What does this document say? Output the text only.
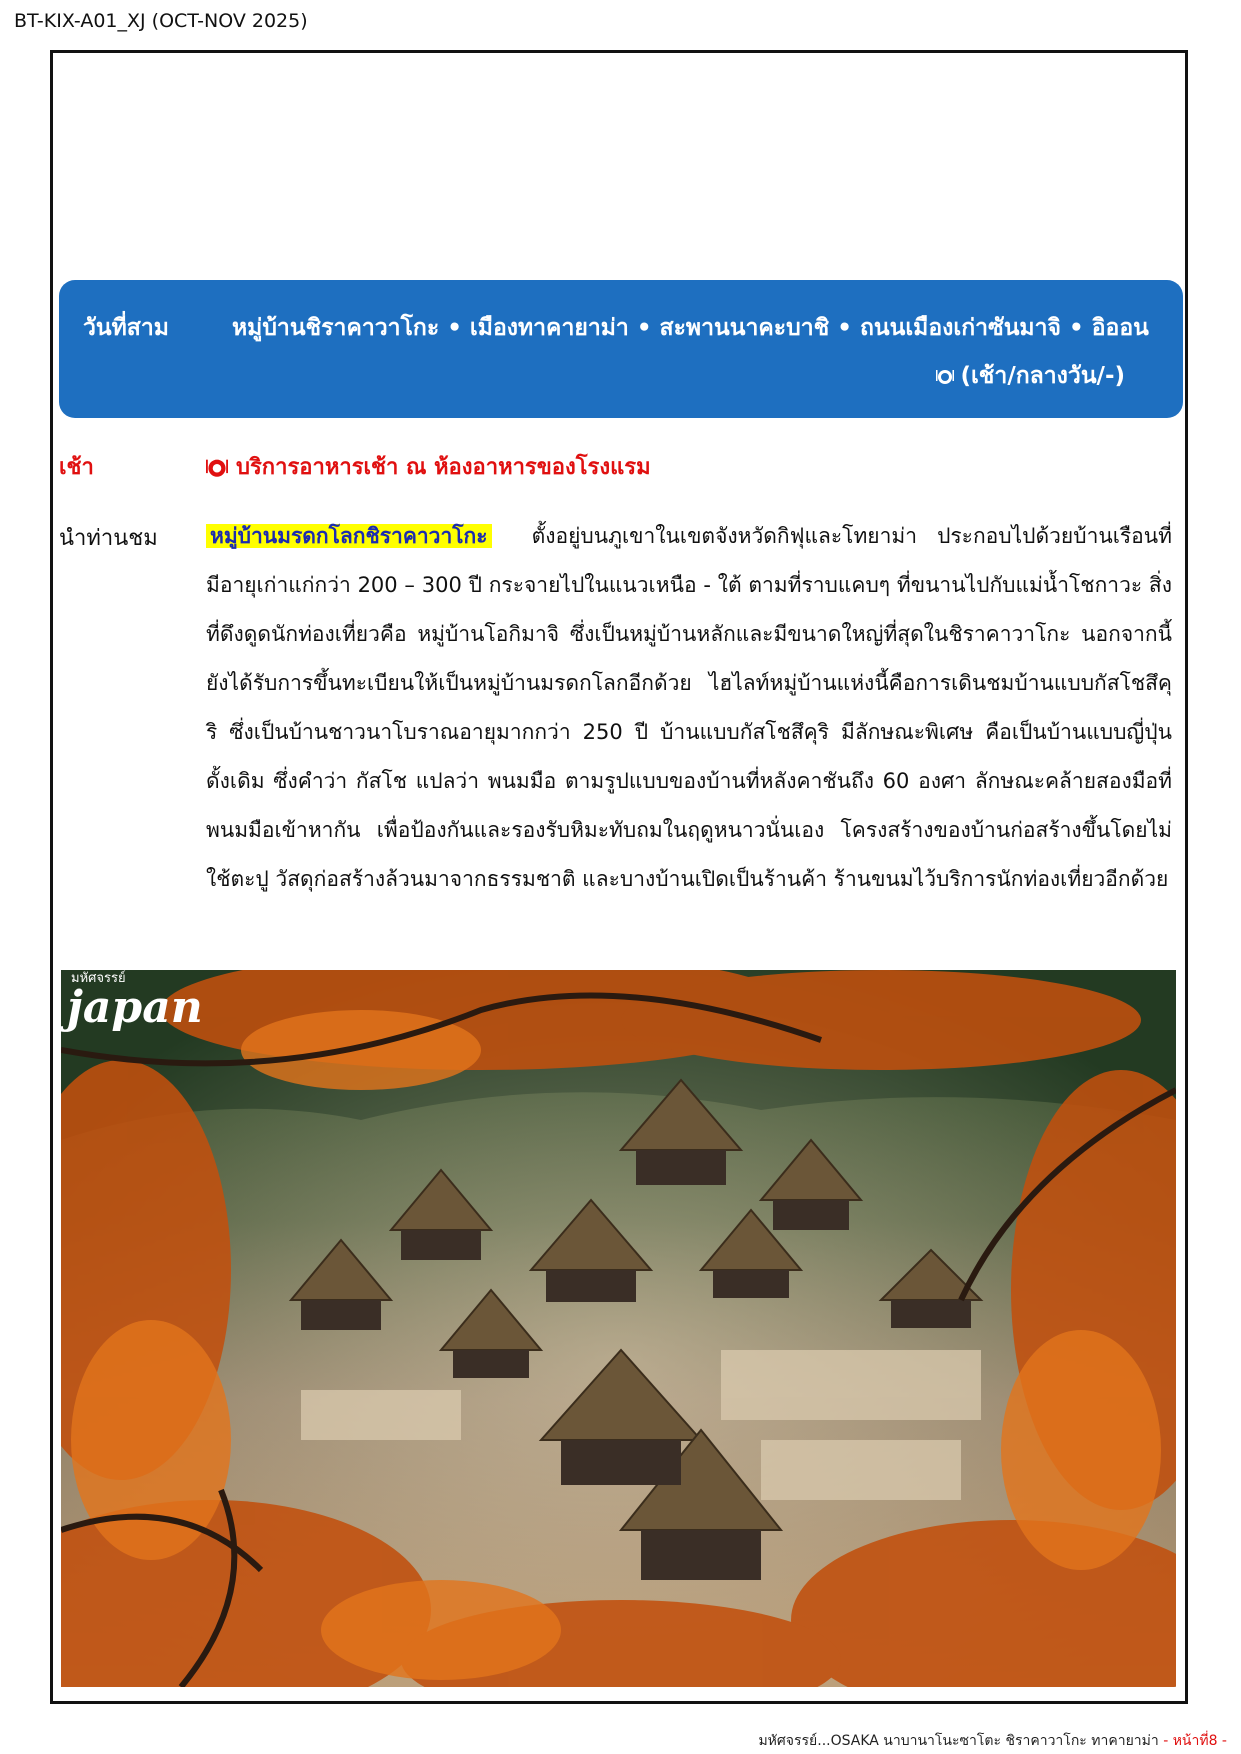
BT-KIX-A01_XJ (OCT-NOV 2025)
วันที่สาม	หมู่บ้านชิราคาวาโกะ • เมืองทาคายาม่า • สะพานนาคะบาชิ • ถนนเมืองเก่าซันมาจิ • อิออน
(เช้า/กลางวัน/-)
เช้า	บริการอาหารเช้า ณ ห้องอาหารของโรงแรม
นำท่านชม หมู่บ้านมรดกโลกชิราคาวาโกะ ตั้งอยู่บนภูเขาในเขตจังหวัดกิฟุและโทยาม่า ประกอบไปด้วยบ้านเรือนที่มีอายุเก่าแก่กว่า 200 – 300 ปี กระจายไปในแนวเหนือ - ใต้ ตามที่ราบแคบๆ ที่ขนานไปกับแม่น้ำโชกาวะ สิ่งที่ดึงดูดนักท่องเที่ยวคือ หมู่บ้านโอกิมาจิ ซึ่งเป็นหมู่บ้านหลักและมีขนาดใหญ่ที่สุดในชิราคาวาโกะ นอกจากนี้ยังได้รับการขึ้นทะเบียนให้เป็นหมู่บ้านมรดกโลกอีกด้วย ไฮไลท์หมู่บ้านแห่งนี้คือการเดินชมบ้านแบบกัสโชสึคุริ ซึ่งเป็นบ้านชาวนาโบราณอายุมากกว่า 250 ปี บ้านแบบกัสโชสึคุริ มีลักษณะพิเศษ คือเป็นบ้านแบบญี่ปุ่นดั้งเดิม ซึ่งคำว่า กัสโช แปลว่า พนมมือ ตามรูปแบบของบ้านที่หลังคาชันถึง 60 องศา ลักษณะคล้ายสองมือที่พนมมือเข้าหากัน เพื่อป้องกันและรองรับหิมะทับถมในฤดูหนาวนั่นเอง โครงสร้างของบ้านก่อสร้างขึ้นโดยไม่ใช้ตะปู วัสดุก่อสร้างล้วนมาจากธรรมชาติ และบางบ้านเปิดเป็นร้านค้า ร้านขนมไว้บริการนักท่องเที่ยวอีกด้วย

มหัศจรรย์
japan
มหัศจรรย์...OSAKA นาบานาโนะซาโตะ ชิราคาวาโกะ ทาคายาม่า - หน้าที่8 -
